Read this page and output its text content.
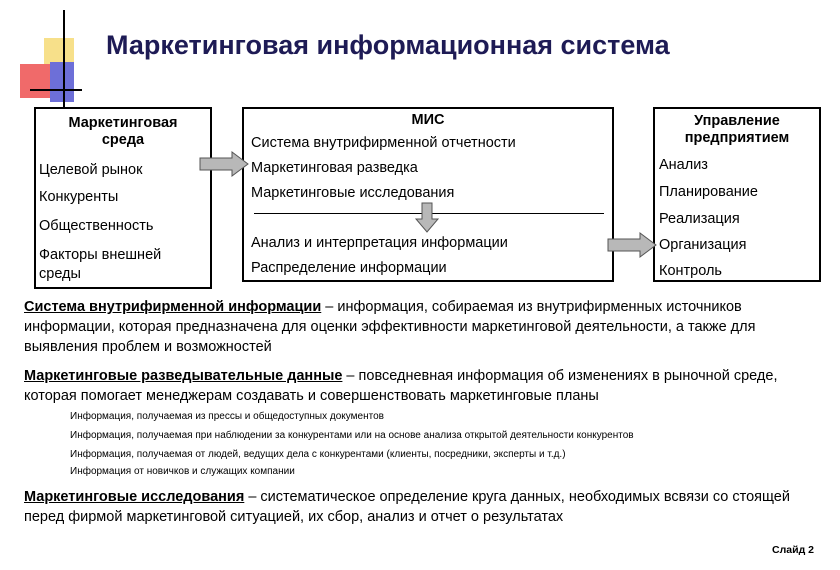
Маркетинговая информационная система
Маркетинговая
среда
Целевой рынок
Конкуренты
Общественность
Факторы внешней
среды
МИС
Система внутрифирменной отчетности
Маркетинговая разведка
Маркетинговые исследования
Анализ и интерпретация информации
Распределение информации
Управление
предприятием
Анализ
Планирование
Реализация
Организация
Контроль
Система внутрифирменной информации – информация, собираемая из внутрифирменных источников информации, которая предназначена для оценки эффективности маркетинговой деятельности, а также для выявления проблем и возможностей
Маркетинговые разведывательные данные – повседневная информация об изменениях в рыночной среде, которая помогает менеджерам создавать и совершенствовать маркетинговые планы
Информация, получаемая из прессы и общедоступных документов
Информация, получаемая при наблюдении за конкурентами или на основе анализа открытой деятельности конкурентов
Информация, получаемая от людей, ведущих дела с конкурентами (клиенты, посредники, эксперты и т.д.)
Информация от новичков и служащих компании
Маркетинговые исследования – систематическое определение круга данных, необходимых всвязи со стоящей перед фирмой маркетинговой ситуацией, их сбор, анализ и отчет о результатах
Слайд 2
